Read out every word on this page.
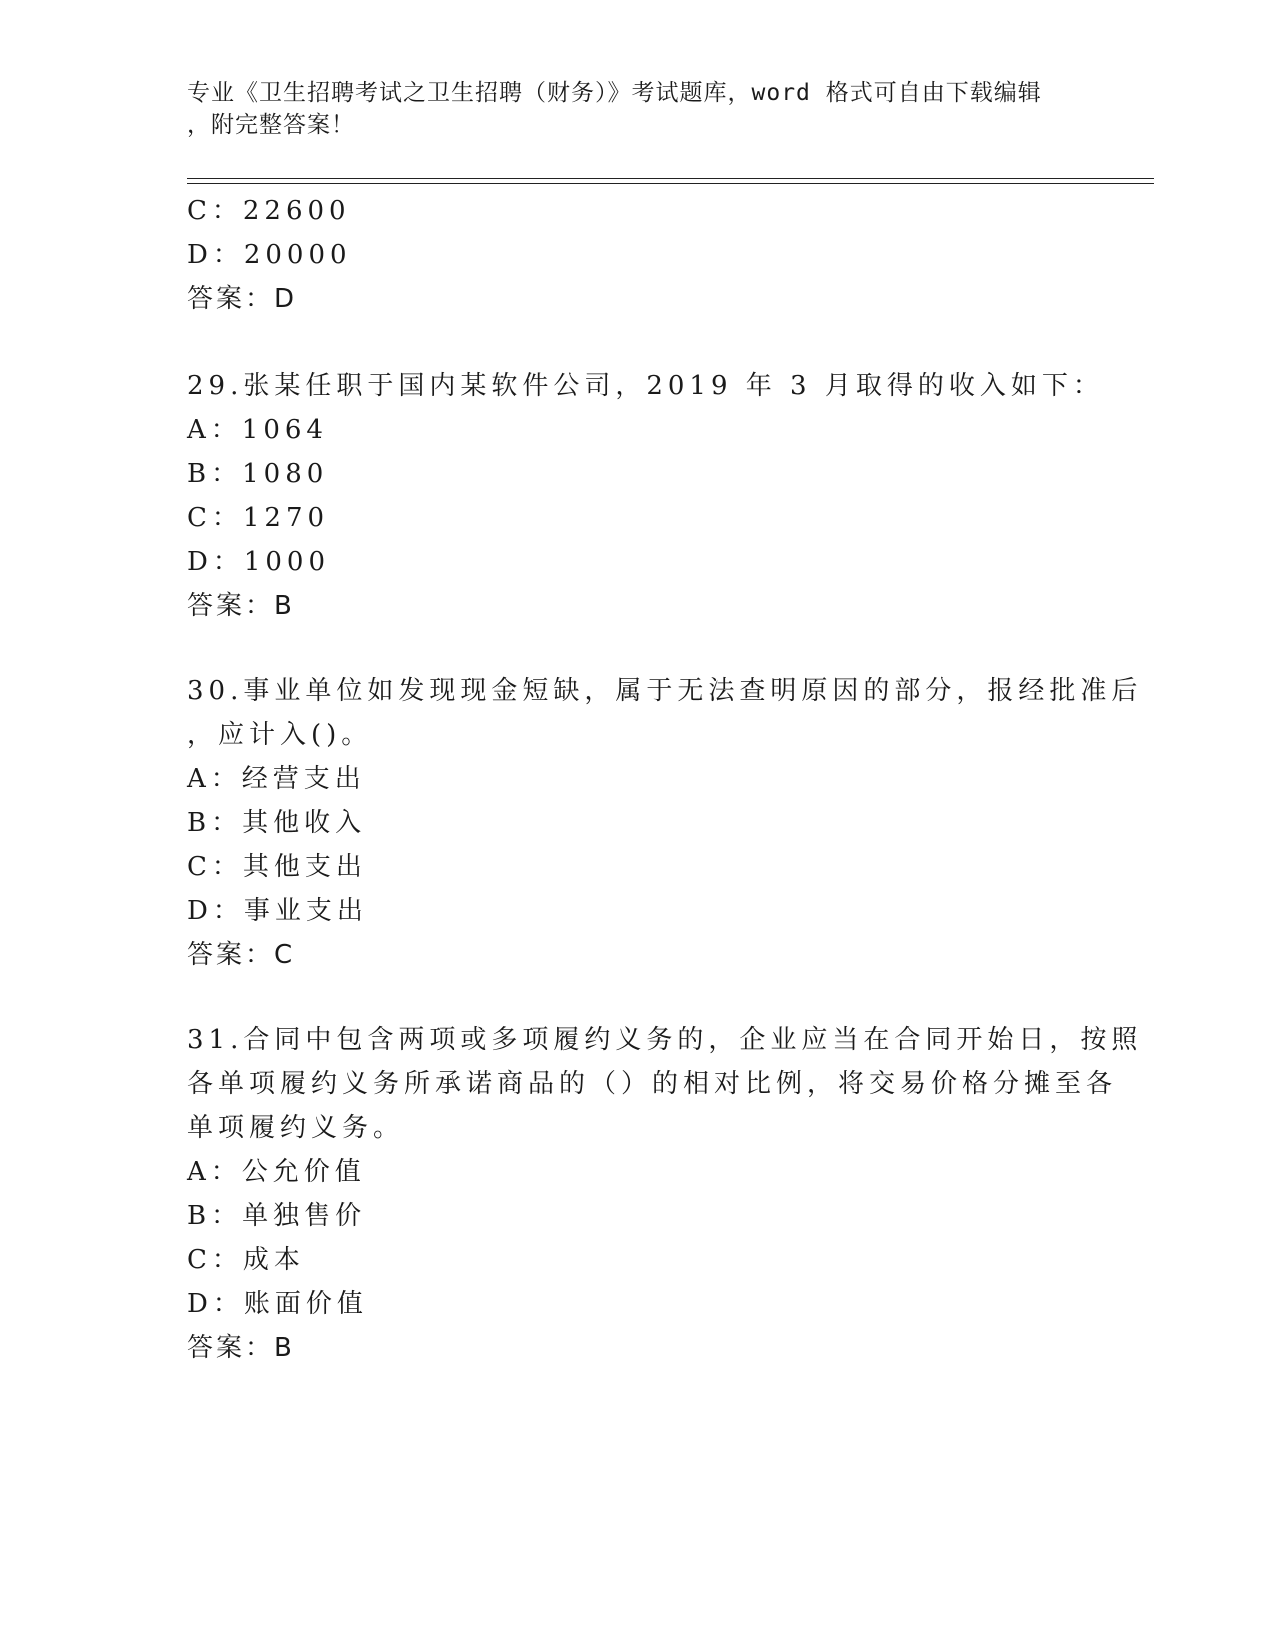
专业《卫生招聘考试之卫生招聘（财务）》考试题库，word 格式可自由下载编辑
，附完整答案！
C：22600
D：20000
答案：D
29.张某任职于国内某软件公司，2019 年 3 月取得的收入如下：
A：1064
B：1080
C：1270
D：1000
答案：B
30.事业单位如发现现金短缺，属于无法查明原因的部分，报经批准后
，应计入()。
A：经营支出
B：其他收入
C：其他支出
D：事业支出
答案：C
31.合同中包含两项或多项履约义务的，企业应当在合同开始日，按照
各单项履约义务所承诺商品的（）的相对比例，将交易价格分摊至各
单项履约义务。
A：公允价值
B：单独售价
C：成本
D：账面价值
答案：B
